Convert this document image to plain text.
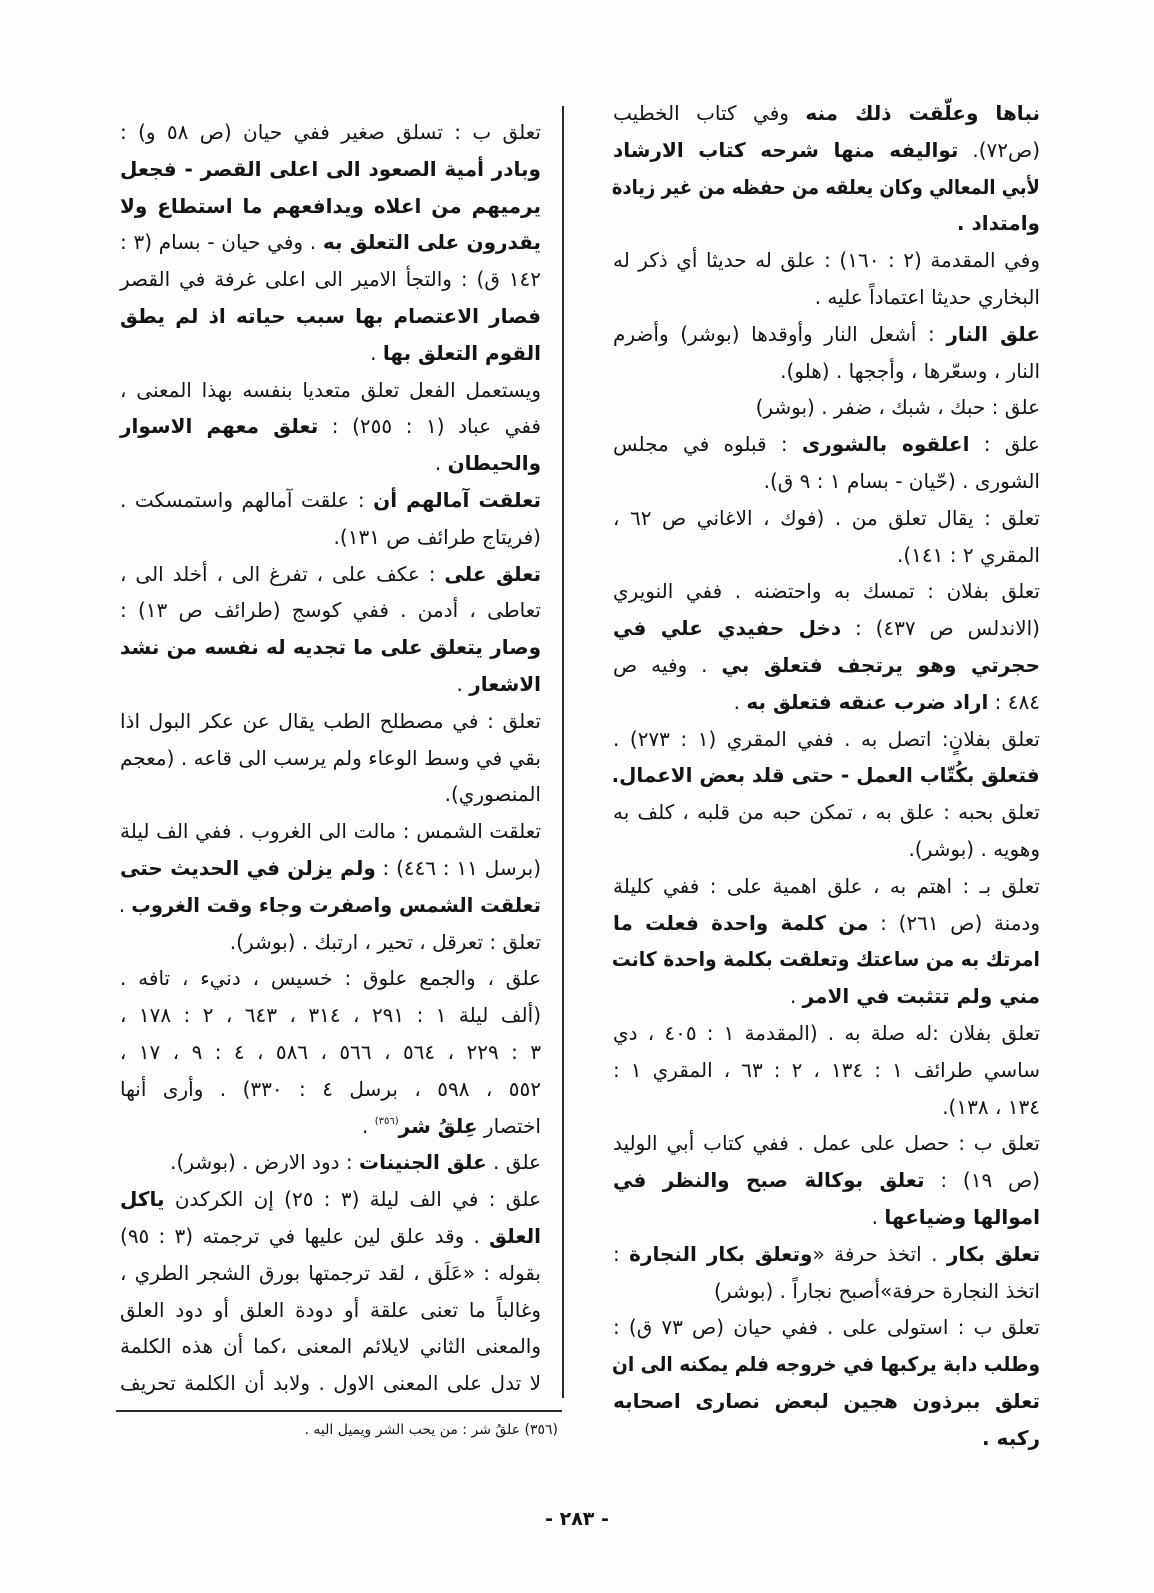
نباها وعلّقت ذلك منه وفي كتاب الخطيب
(ص٧٢). تواليفه منها شرحه كتاب الارشاد
لأبي المعالي وكان يعلقه من حفظه من غير زيادة
وامتداد .
وفي المقدمة (٢ : ١٦٠) : علق له حديثا أي ذكر له
البخاري حديثا اعتماداً عليه .
علق النار : أشعل النار وأوقدها (بوشر) وأضرم
النار ، وسعّرها ، وأججها . (هلو).
علق : حبك ، شبك ، ضفر . (بوشر)
علق : اعلقوه بالشورى : قبلوه في مجلس
الشورى . (حّيان - بسام ١ : ٩ ق).
تعلق : يقال تعلق من . (فوك ، الاغاني ص ٦٢ ،
المقري ٢ : ١٤١).
تعلق بفلان : تمسك به واحتضنه . ففي النويري
(الاندلس ص ٤٣٧) : دخل حفيدي علي في
حجرتي وهو يرتجف فتعلق بي . وفيه ص
٤٨٤ : اراد ضرب عنقه فتعلق به .
تعلق بفلانٍ: اتصل به . ففي المقري (١ : ٢٧٣) .
فتعلق بكُتّاب العمل - حتى قلد بعض الاعمال.
تعلق بحبه : علق به ، تمكن حبه من قلبه ، كلف به
وهويه . (بوشر).
تعلق بـ : اهتم به ، علق اهمية على : ففي كليلة
ودمنة (ص ٢٦١) : من كلمة واحدة فعلت ما
امرتك به من ساعتك وتعلقت بكلمة واحدة كانت
مني ولم تتثبت في الامر .
تعلق بفلان :له صلة به . (المقدمة ١ : ٤٠٥ ، دي
ساسي طرائف ١ : ١٣٤ ، ٢ : ٦٣ ، المقري ١ :
١٣٤ ، ١٣٨).
تعلق ب : حصل على عمل . ففي كتاب أبي الوليد
(ص ١٩) : تعلق بوكالة صبح والنظر في
اموالها وضياعها .
تعلق بكار . اتخذ حرفة «وتعلق بكار النجارة :
اتخذ النجارة حرفة»أصبح نجاراً . (بوشر)
تعلق ب : استولى على . ففي حيان (ص ٧٣ ق) :
وطلب دابة يركبها في خروجه فلم يمكنه الى ان
تعلق ببرذون هجين لبعض نصارى اصحابه
ركبه .
تعلق ب : تسلق صغير ففي حيان (ص ٥٨ و) :
وبادر أمية الصعود الى اعلى القصر - فجعل
يرميهم من اعلاه ويدافعهم ما استطاع ولا
يقدرون على التعلق به . وفي حيان - بسام (٣ :
١٤٢ ق) : والتجأ الامير الى اعلى غرفة في القصر
فصار الاعتصام بها سبب حياته اذ لم يطق
القوم التعلق بها .
ويستعمل الفعل تعلق متعديا بنفسه بهذا المعنى ،
ففي عباد (١ : ٢٥٥) : تعلق معهم الاسوار
والحيطان .
تعلقت آمالهم أن : علقت آمالهم واستمسكت .
(فريتاج طرائف ص ١٣١).
تعلق على : عكف على ، تفرغ الى ، أخلد الى ،
تعاطى ، أدمن . ففي كوسج (طرائف ص ١٣) :
وصار يتعلق على ما تجديه له نفسه من نشد
الاشعار .
تعلق : في مصطلح الطب يقال عن عكر البول اذا
بقي في وسط الوعاء ولم يرسب الى قاعه . (معجم
المنصوري).
تعلقت الشمس : مالت الى الغروب . ففي الف ليلة
(برسل ١١ : ٤٤٦) : ولم يزلن في الحديث حتى
تعلقت الشمس واصفرت وجاء وقت الغروب .
تعلق : تعرقل ، تحير ، ارتبك . (بوشر).
علق ، والجمع علوق : خسيس ، دنيء ، تافه .
(ألف ليلة ١ : ٢٩١ ، ٣١٤ ، ٦٤٣ ، ٢ : ١٧٨ ،
٣ : ٢٢٩ ، ٥٦٤ ، ٥٦٦ ، ٥٨٦ ، ٤ : ٩ ، ١٧ ،
٥٥٢ ، ٥٩٨ ، برسل ٤ : ٣٣٠) . وأرى أنها
اختصار عِلقُ شر$^{(٣٥٦)}$ .
علق . علق الجنينات : دود الارض . (بوشر).
علق : في الف ليلة (٣ : ٢٥) إن الكركدن ياكل
العلق . وقد علق لين عليها في ترجمته (٣ : ٩٥)
بقوله : «عَلَق ، لقد ترجمتها بورق الشجر الطري ،
وغالباً ما تعنى علقة أو دودة العلق أو دود العلق
والمعنى الثاني لايلائم المعنى ،كما أن هذه الكلمة
لا تدل على المعنى الاول . ولابد أن الكلمة تحريف
(٣٥٦) علقُ شر : من يحب الشر ويميل اليه .
- ٢٨٣ -
